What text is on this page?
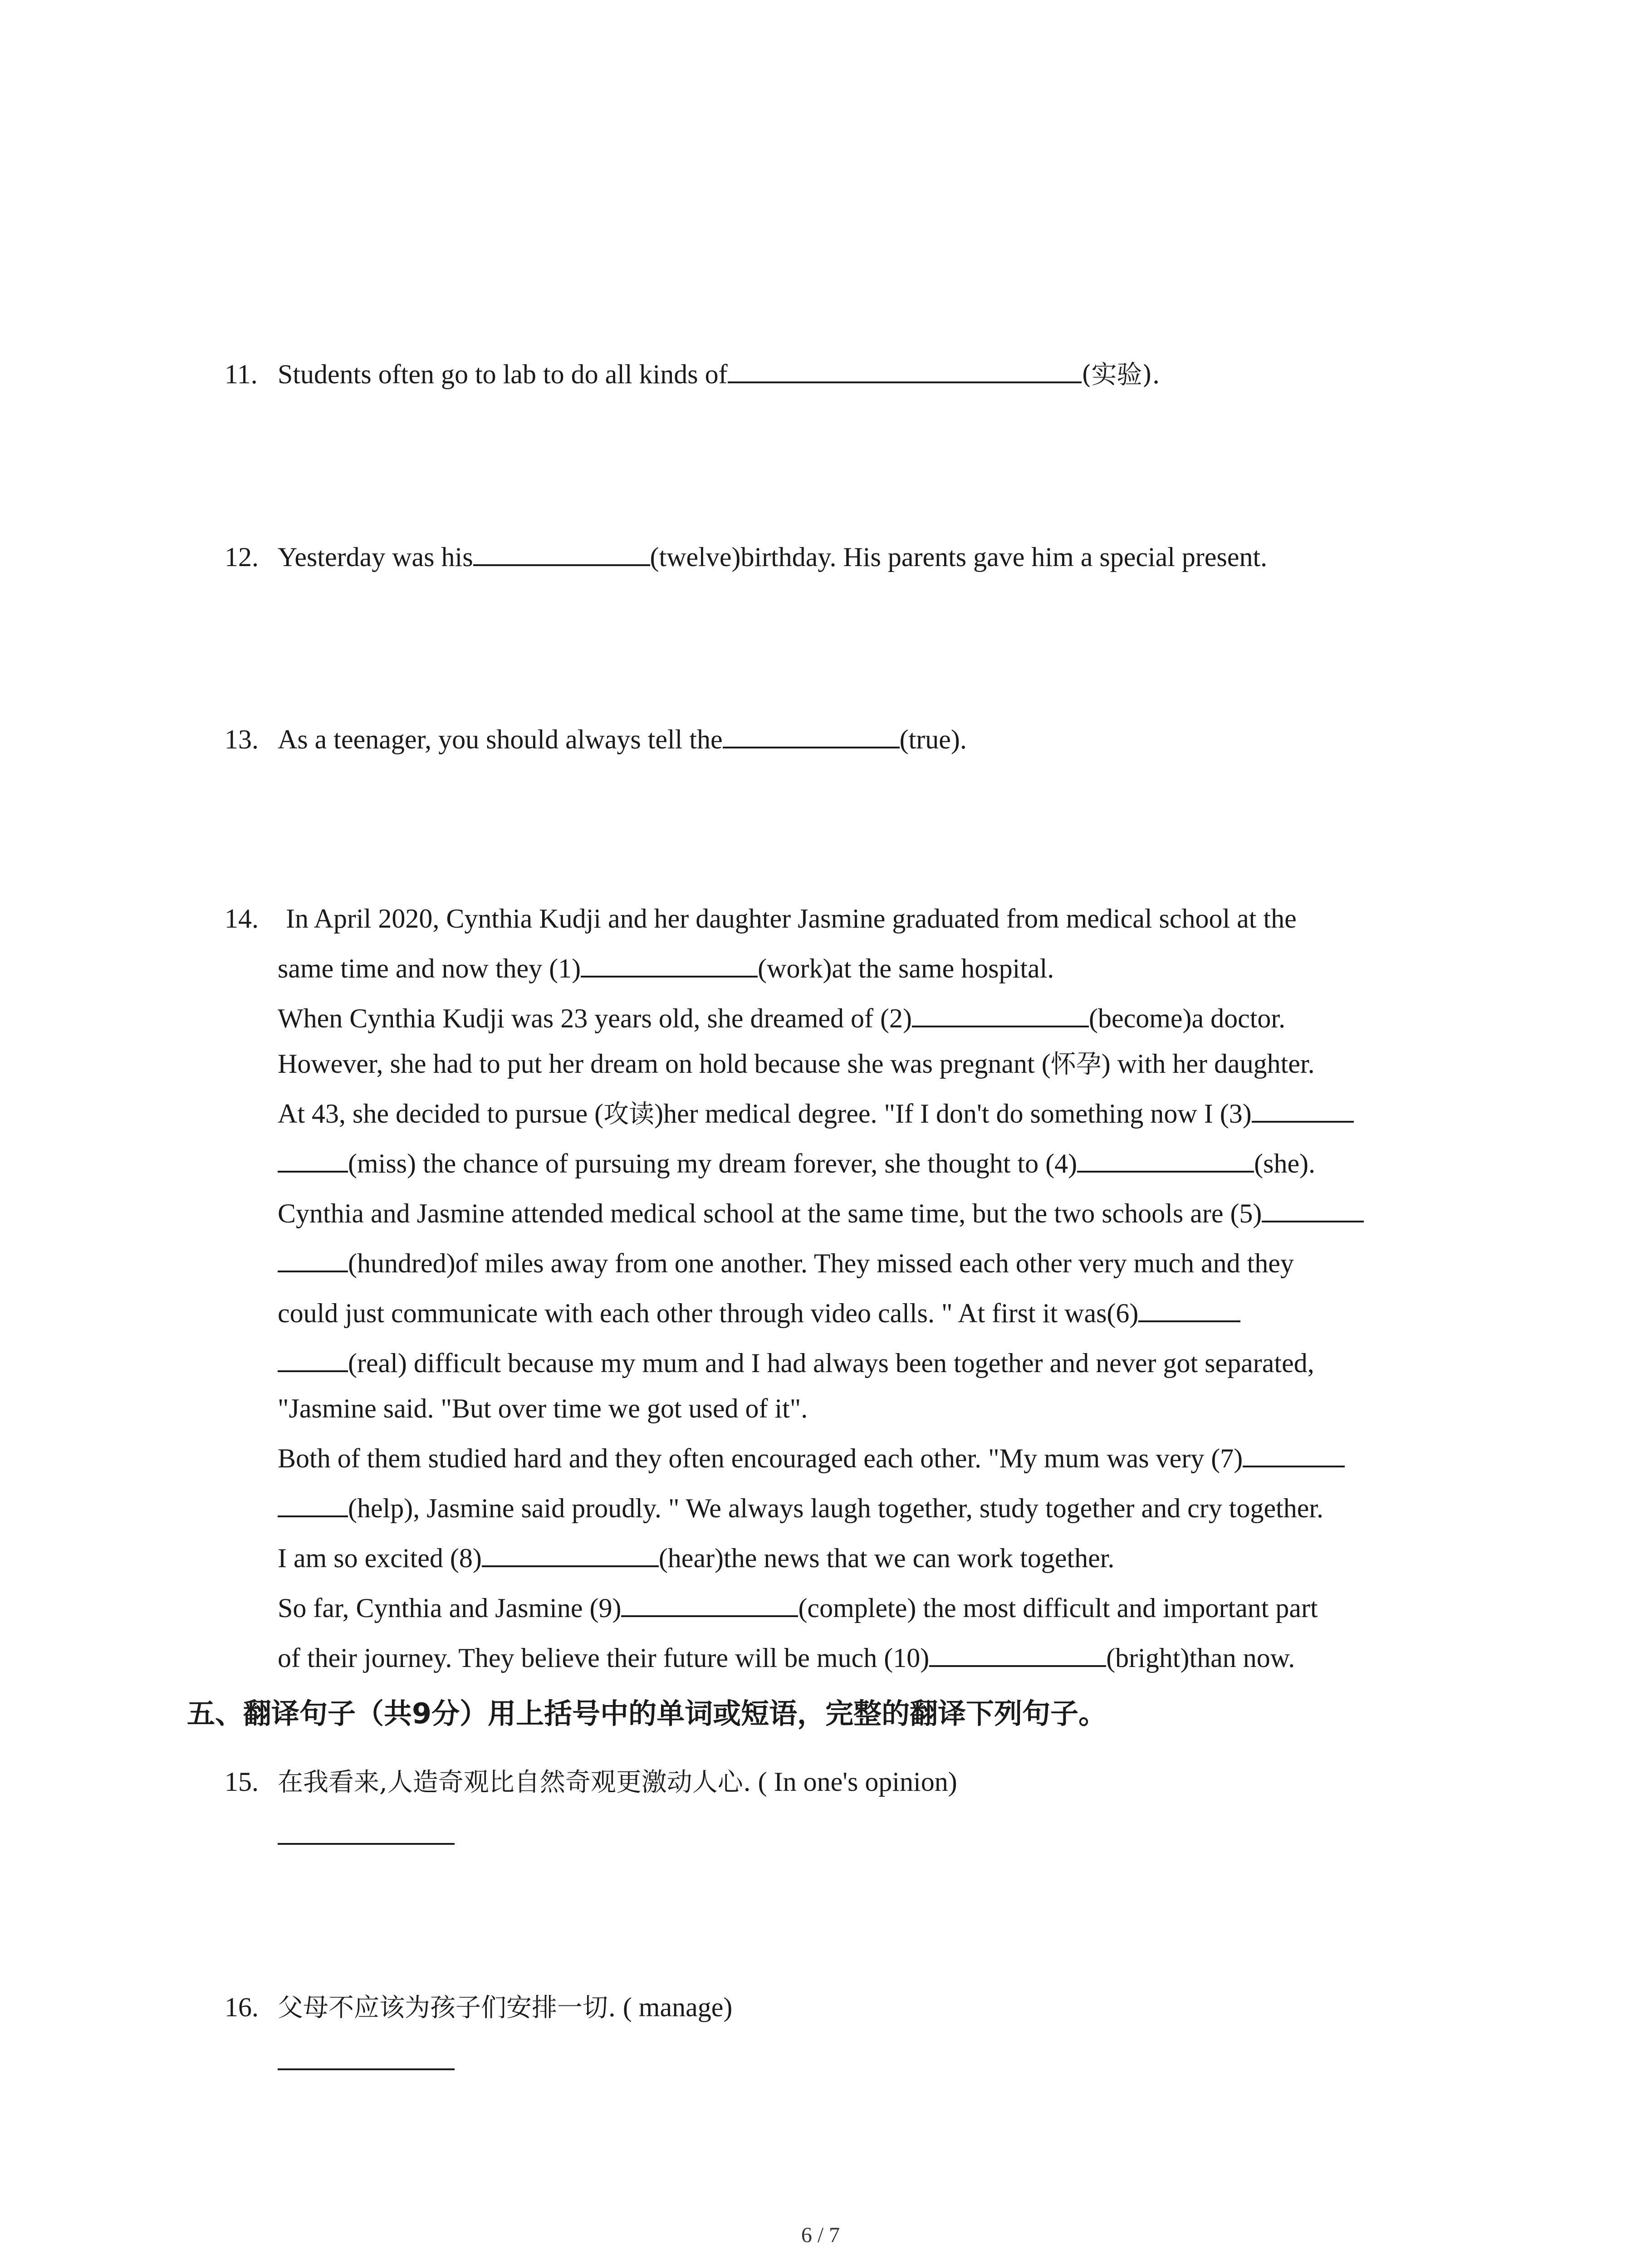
11. Students often go to lab to do all kinds of	(实验).
12. Yesterday was his	(twelve)birthday. His parents gave him a special present.
13. As a teenager, you should always tell the	(true).
14. In April 2020, Cynthia Kudji and her daughter Jasmine graduated from medical school at the
same time and now they (1)	(work)at the same hospital.
When Cynthia Kudji was 23 years old, she dreamed of (2)	(become)a doctor.
However, she had to put her dream on hold because she was pregnant (怀孕) with her daughter.
At 43, she decided to pursue (攻读)her medical degree. "If I don't do something now I (3)
(miss) the chance of pursuing my dream forever, she thought to (4)	(she).
Cynthia and Jasmine attended medical school at the same time, but the two schools are (5)
(hundred)of miles away from one another. They missed each other very much and they
could just communicate with each other through video calls. " At first it was(6)
(real) difficult because my mum and I had always been together and never got separated,
"Jasmine said. "But over time we got used of it".
Both of them studied hard and they often encouraged each other. "My mum was very (7)
(help), Jasmine said proudly. " We always laugh together, study together and cry together.
I am so excited (8)	(hear)the news that we can work together.
So far, Cynthia and Jasmine (9)	(complete) the most difficult and important part
of their journey. They believe their future will be much (10)	(bright)than now.
五、翻译句子（共9分）用上括号中的单词或短语，完整的翻译下列句子。
15. 在我看来,人造奇观比自然奇观更激动人心. ( In one's opinion)
16. 父母不应该为孩子们安排一切. ( manage)
6 / 7
